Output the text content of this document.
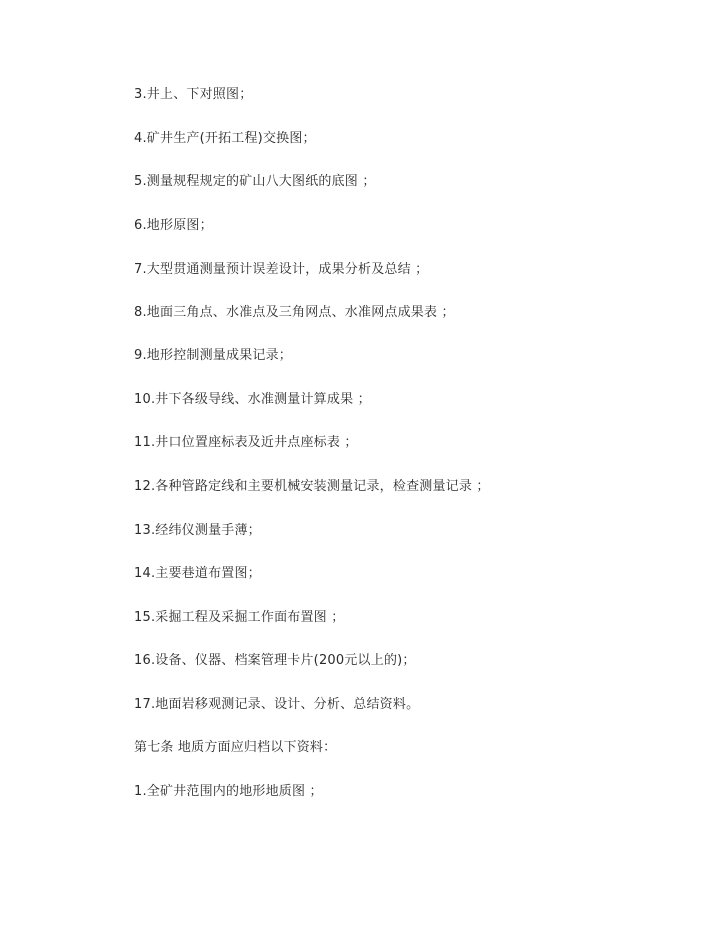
3.井上、下对照图；
4.矿井生产(开拓工程)交换图；
5.测量规程规定的矿山八大图纸的底图 ；
6.地形原图；
7.大型贯通测量预计误差设计，成果分析及总结 ；
8.地面三角点、水准点及三角网点、水准网点成果表 ；
9.地形控制测量成果记录；
10.井下各级导线、水准测量计算成果 ；
11.井口位置座标表及近井点座标表 ；
12.各种管路定线和主要机械安装测量记录，检查测量记录 ；
13.经纬仪测量手薄；
14.主要巷道布置图；
15.采掘工程及采掘工作面布置图 ；
16.设备、仪器、档案管理卡片(200元以上的)；
17.地面岩移观测记录、设计、分析、总结资料。
第七条 地质方面应归档以下资料：
1.全矿井范围内的地形地质图 ；
